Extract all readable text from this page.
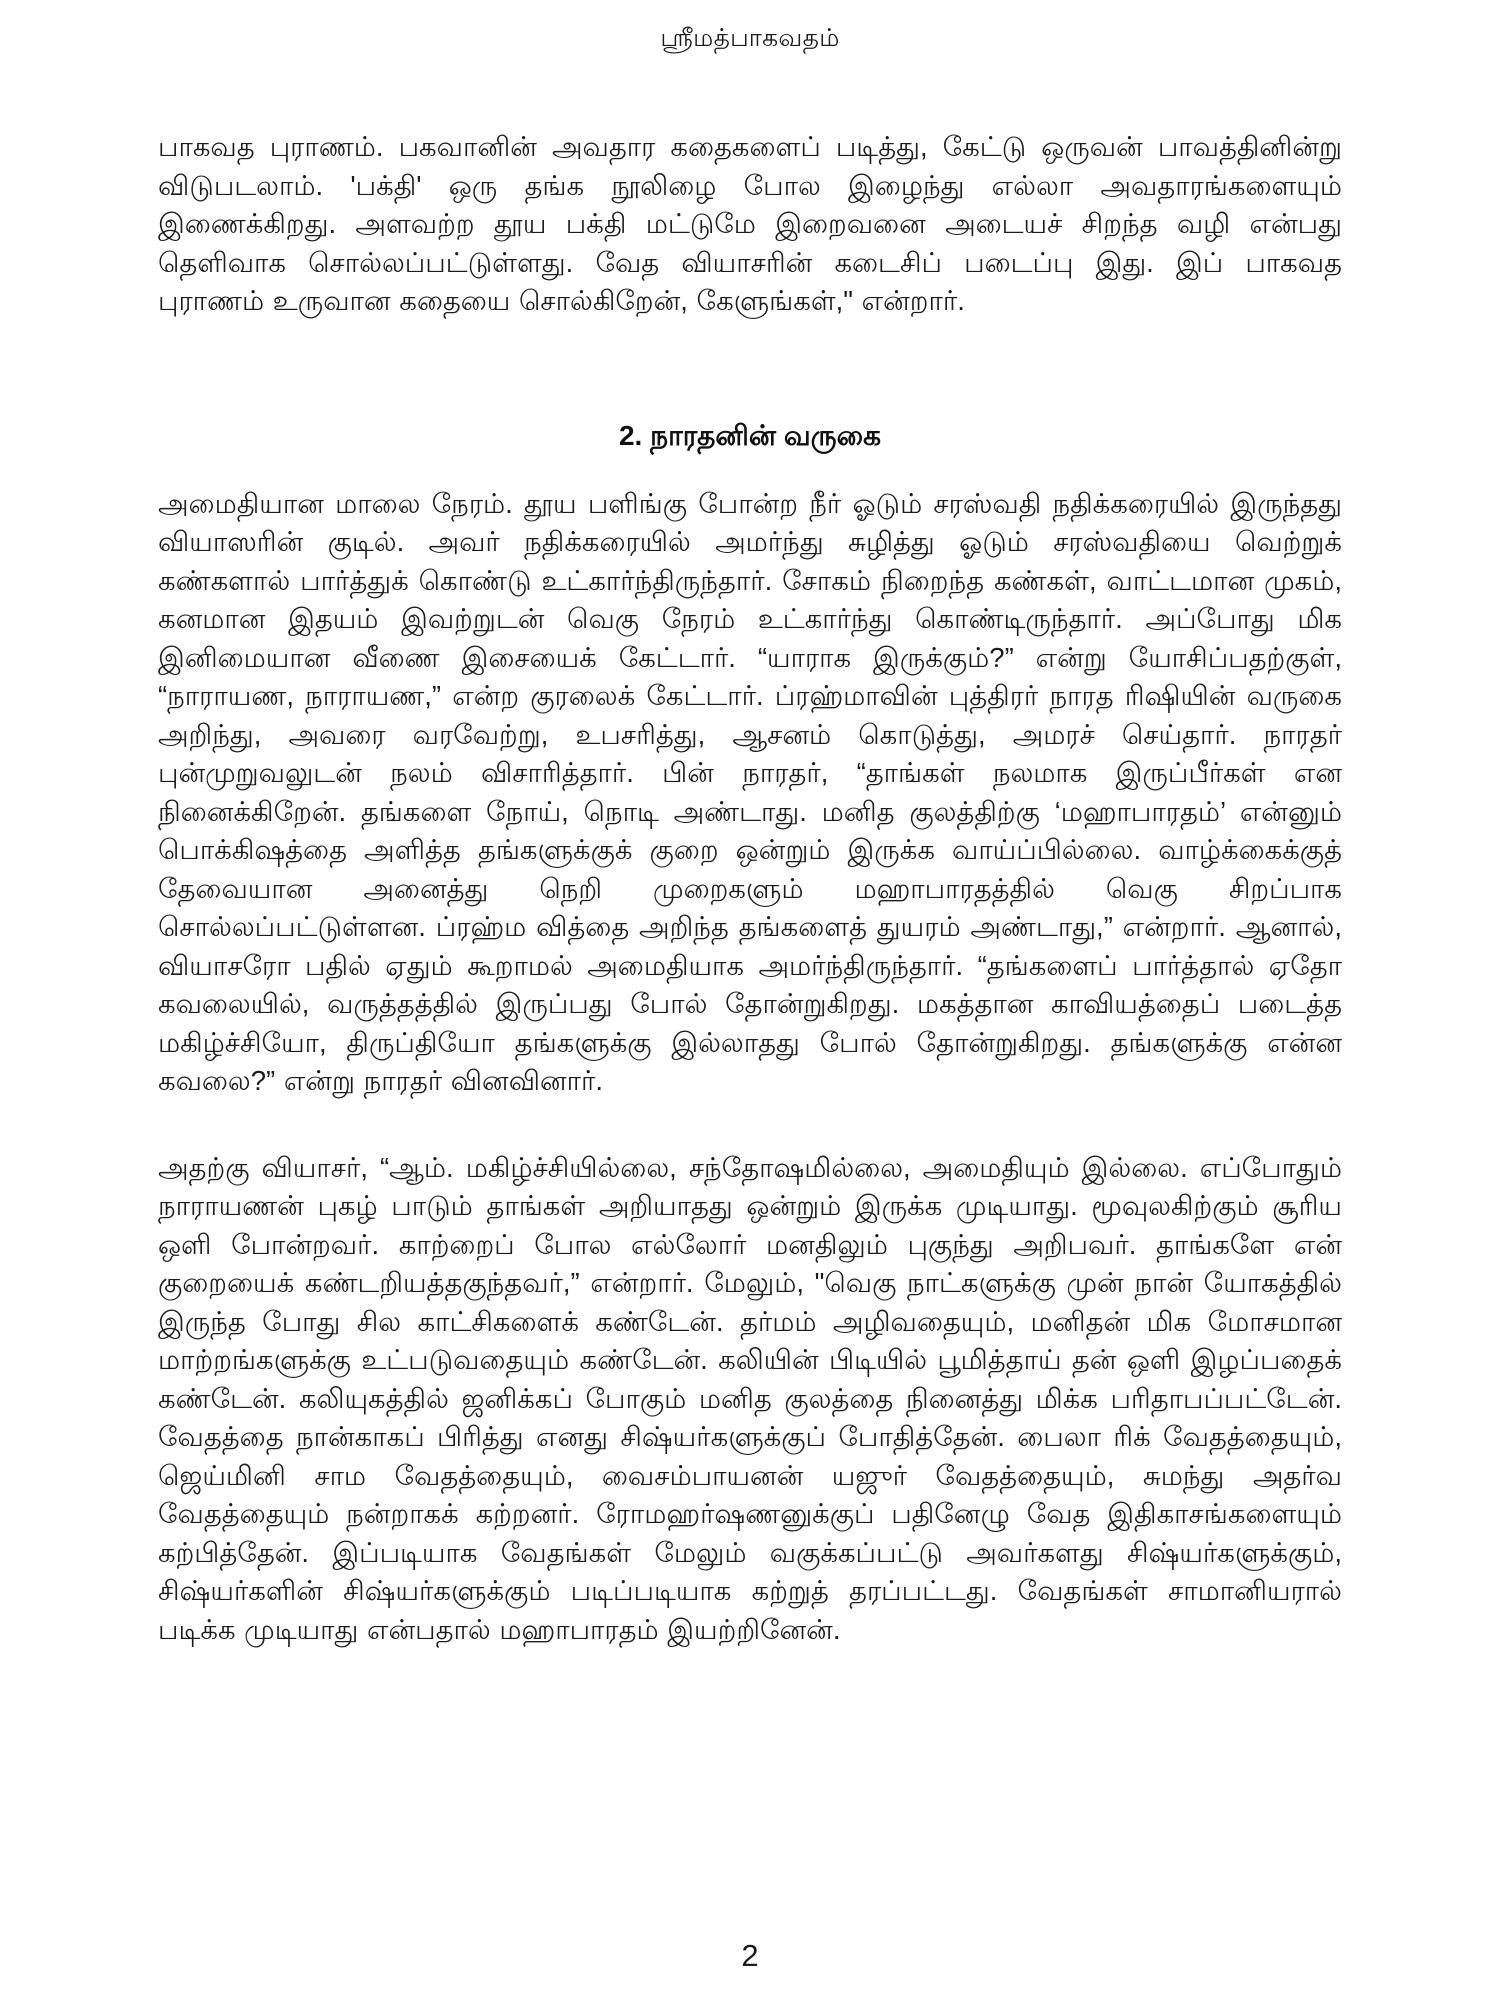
ஸ்ரீமத்பாகவதம்

பாகவத புராணம். பகவானின் அவதார கதைகளைப் படித்து, கேட்டு ஒருவன் பாவத்தினின்று விடுபடலாம். 'பக்தி' ஒரு தங்க நூலிழை போல இழைந்து எல்லா அவதாரங்களையும் இணைக்கிறது. அளவற்ற தூய பக்தி மட்டுமே இறைவனை அடையச் சிறந்த வழி என்பது தெளிவாக சொல்லப்பட்டுள்ளது. வேத வியாசரின் கடைசிப் படைப்பு இது. இப் பாகவத புராணம் உருவான கதையை சொல்கிறேன், கேளுங்கள்," என்றார்.

2. நாரதனின் வருகை

அமைதியான மாலை நேரம். தூய பளிங்கு போன்ற நீர் ஓடும் சரஸ்வதி நதிக்கரையில் இருந்தது வியாஸரின் குடில். அவர் நதிக்கரையில் அமர்ந்து சுழித்து ஓடும் சரஸ்வதியை வெற்றுக் கண்களால் பார்த்துக் கொண்டு உட்கார்ந்திருந்தார். சோகம் நிறைந்த கண்கள், வாட்டமான முகம், கனமான இதயம் இவற்றுடன் வெகு நேரம் உட்கார்ந்து கொண்டிருந்தார். அப்போது மிக இனிமையான வீணை இசையைக் கேட்டார். “யாராக இருக்கும்?” என்று யோசிப்பதற்குள், “நாராயண, நாராயண,” என்ற குரலைக் கேட்டார். ப்ரஹ்மாவின் புத்திரர் நாரத ரிஷியின் வருகை அறிந்து, அவரை வரவேற்று, உபசரித்து, ஆசனம் கொடுத்து, அமரச் செய்தார். நாரதர் புன்முறுவலுடன் நலம் விசாரித்தார். பின் நாரதர், “தாங்கள் நலமாக இருப்பீர்கள் என நினைக்கிறேன். தங்களை நோய், நொடி அண்டாது. மனித குலத்திற்கு ‘மஹாபாரதம்’ என்னும் பொக்கிஷத்தை அளித்த தங்களுக்குக் குறை ஒன்றும் இருக்க வாய்ப்பில்லை. வாழ்க்கைக்குத் தேவையான அனைத்து நெறி முறைகளும் மஹாபாரதத்தில் வெகு சிறப்பாக சொல்லப்பட்டுள்ளன. ப்ரஹ்ம வித்தை அறிந்த தங்களைத் துயரம் அண்டாது,” என்றார். ஆனால், வியாசரோ பதில் ஏதும் கூறாமல் அமைதியாக அமர்ந்திருந்தார். “தங்களைப் பார்த்தால் ஏதோ கவலையில், வருத்தத்தில் இருப்பது போல் தோன்றுகிறது. மகத்தான காவியத்தைப் படைத்த மகிழ்ச்சியோ, திருப்தியோ தங்களுக்கு இல்லாதது போல் தோன்றுகிறது. தங்களுக்கு என்ன கவலை?” என்று நாரதர் வினவினார்.

அதற்கு வியாசர், “ஆம். மகிழ்ச்சியில்லை, சந்தோஷமில்லை, அமைதியும் இல்லை. எப்போதும் நாராயணன் புகழ் பாடும் தாங்கள் அறியாதது ஒன்றும் இருக்க முடியாது. மூவுலகிற்கும் சூரிய ஒளி போன்றவர். காற்றைப் போல எல்லோர் மனதிலும் புகுந்து அறிபவர். தாங்களே என் குறையைக் கண்டறியத்தகுந்தவர்,” என்றார். மேலும், "வெகு நாட்களுக்கு முன் நான் யோகத்தில் இருந்த போது சில காட்சிகளைக் கண்டேன். தர்மம் அழிவதையும், மனிதன் மிக மோசமான மாற்றங்களுக்கு உட்படுவதையும் கண்டேன். கலியின் பிடியில் பூமித்தாய் தன் ஒளி இழப்பதைக் கண்டேன். கலியுகத்தில் ஜனிக்கப் போகும் மனித குலத்தை நினைத்து மிக்க பரிதாபப்பட்டேன். வேதத்தை நான்காகப் பிரித்து எனது சிஷ்யர்களுக்குப் போதித்தேன். பைலா ரிக் வேதத்தையும், ஜெய்மினி சாம வேதத்தையும், வைசம்பாயனன் யஜுர் வேதத்தையும், சுமந்து அதர்வ வேதத்தையும் நன்றாகக் கற்றனர். ரோமஹர்ஷணனுக்குப் பதினேழு வேத இதிகாசங்களையும் கற்பித்தேன். இப்படியாக வேதங்கள் மேலும் வகுக்கப்பட்டு அவர்களது சிஷ்யர்களுக்கும், சிஷ்யர்களின் சிஷ்யர்களுக்கும் படிப்படியாக கற்றுத் தரப்பட்டது. வேதங்கள் சாமானியரால் படிக்க முடியாது என்பதால் மஹாபாரதம் இயற்றினேன்.

2
